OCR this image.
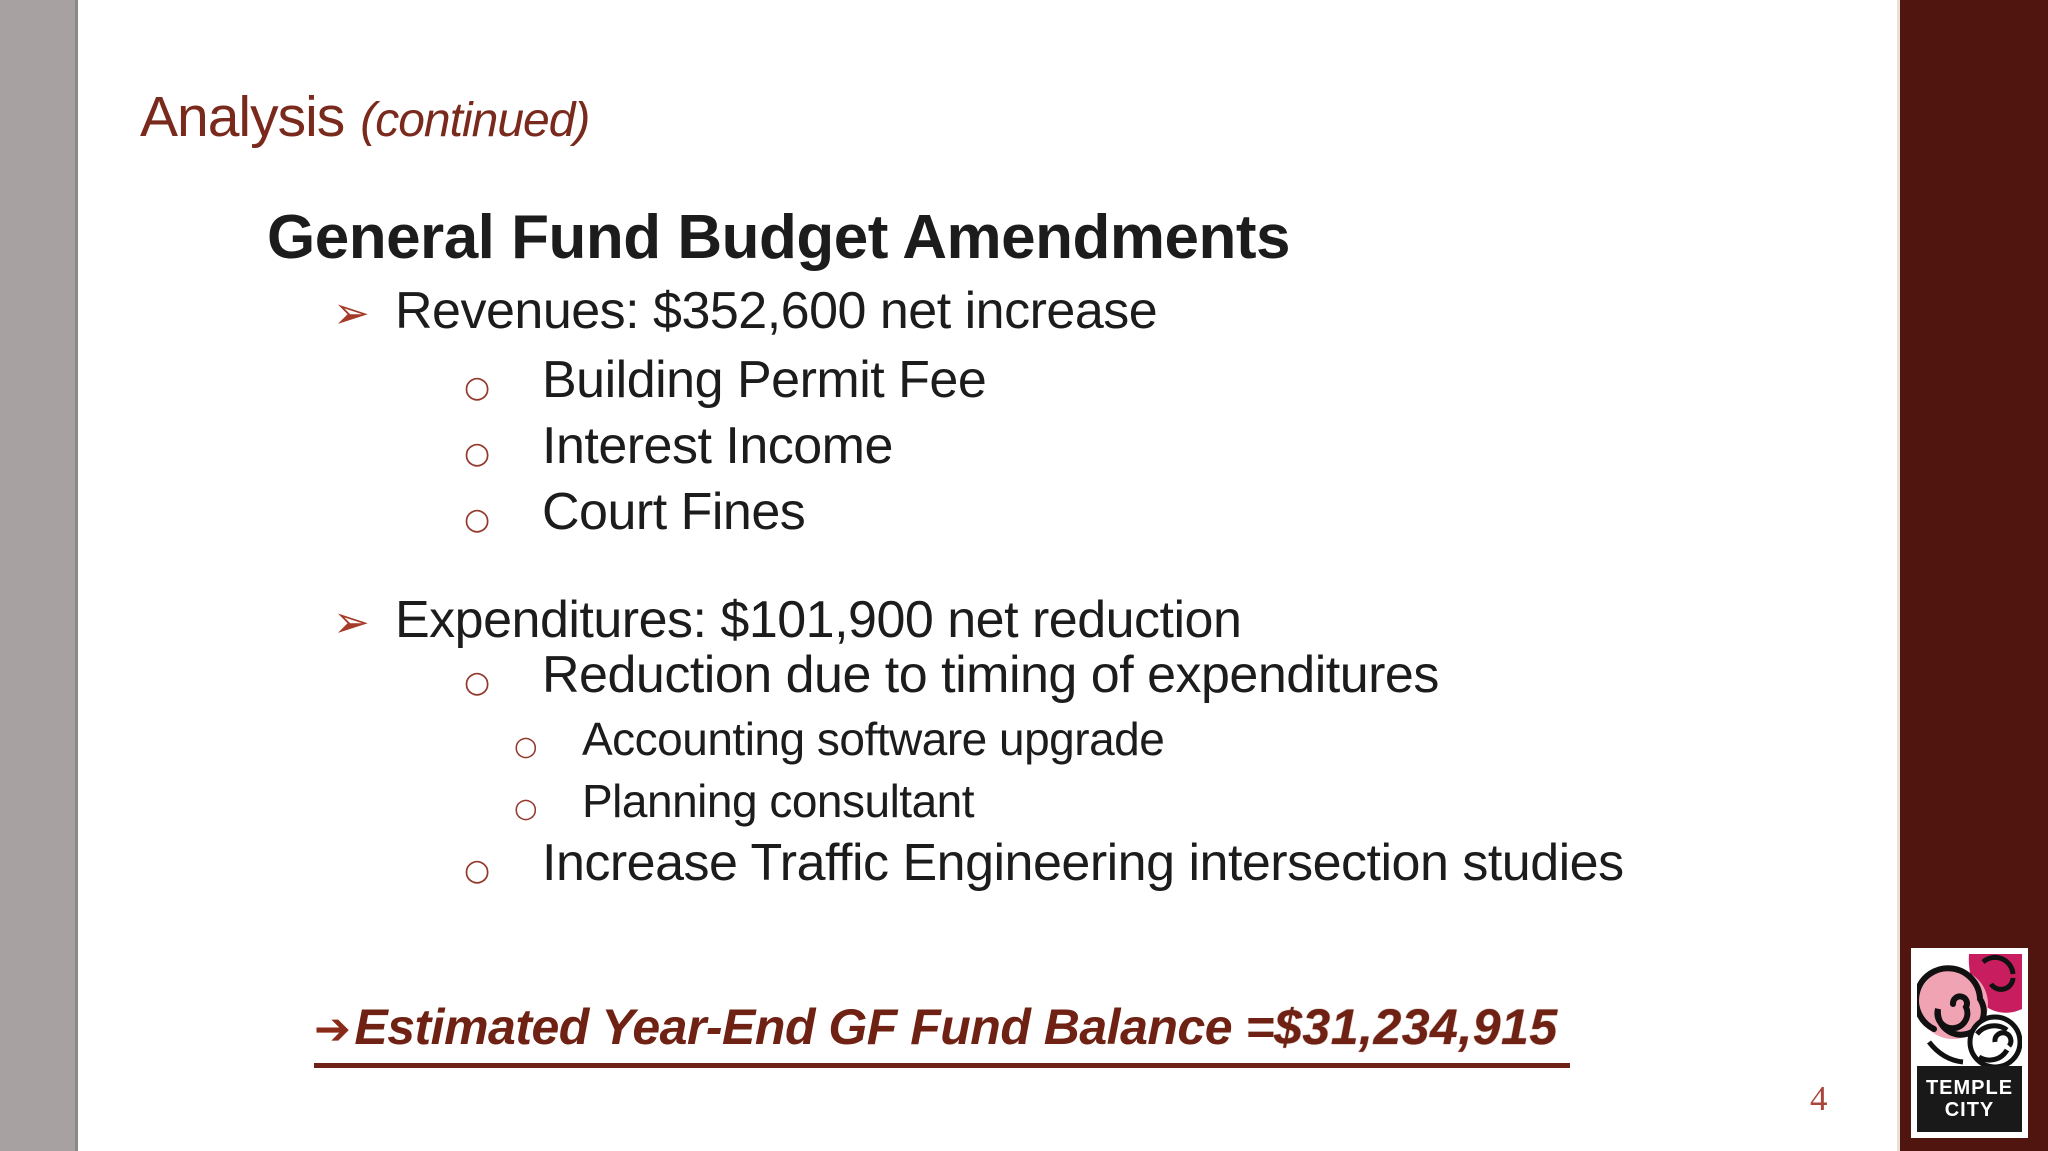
Analysis (continued)
General Fund Budget Amendments
➢ Revenues: $352,600 net increase
○	Building Permit Fee
○	Interest Income
○	Court Fines
➢ Expenditures: $101,900 net reduction
○	Reduction due to timing of expenditures
○ Accounting software upgrade
○ Planning consultant
○	Increase Traffic Engineering intersection studies
➔ Estimated Year-End GF Fund Balance = $31,234,915
4	TEMPLE
CITY
